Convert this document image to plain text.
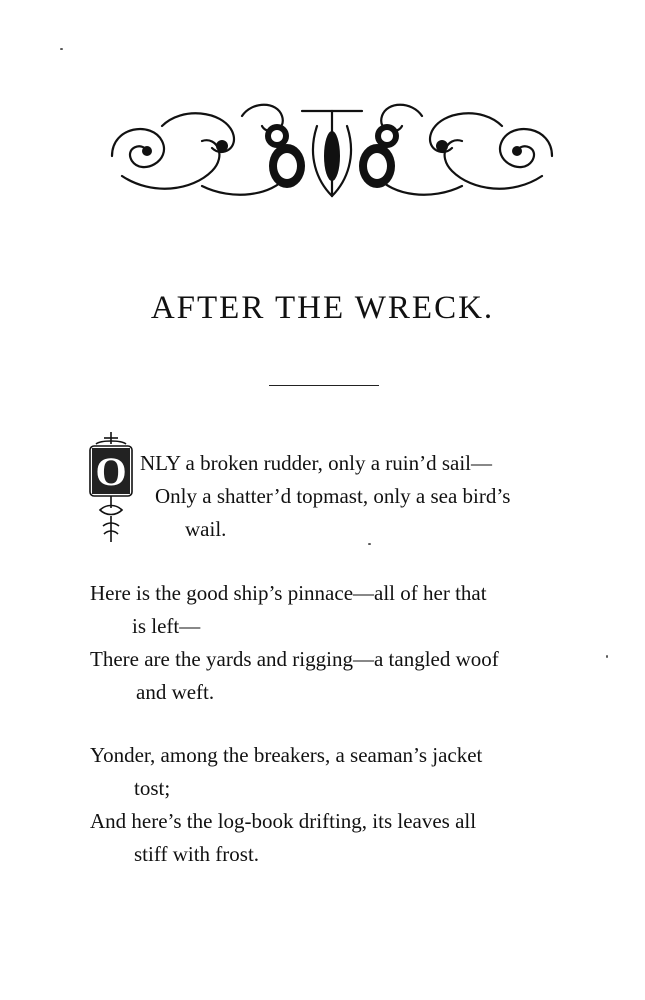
AFTER THE WRECK.
O NLY a broken rudder, only a ruin’d sail—
Only a shatter’d topmast, only a sea bird’s
wail.
Here is the good ship’s pinnace—all of her that
is left—
There are the yards and rigging—a tangled woof
and weft.
Yonder, among the breakers, a seaman’s jacket
tost;
And here’s the log-book drifting, its leaves all
stiff with frost.
